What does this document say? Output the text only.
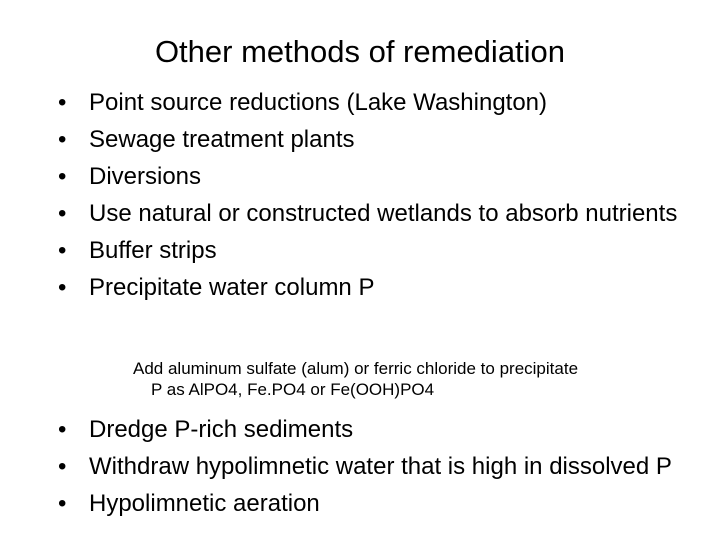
Other methods of remediation
• Point source reductions (Lake Washington)
• Sewage treatment plants
• Diversions
• Use natural or constructed wetlands to absorb nutrients
• Buffer strips
• Precipitate water column P
Add aluminum sulfate (alum) or ferric chloride to precipitate
P as AlPO4, Fe.PO4 or Fe(OOH)PO4
• Dredge P-rich sediments
• Withdraw hypolimnetic water that is high in dissolved P
• Hypolimnetic aeration
